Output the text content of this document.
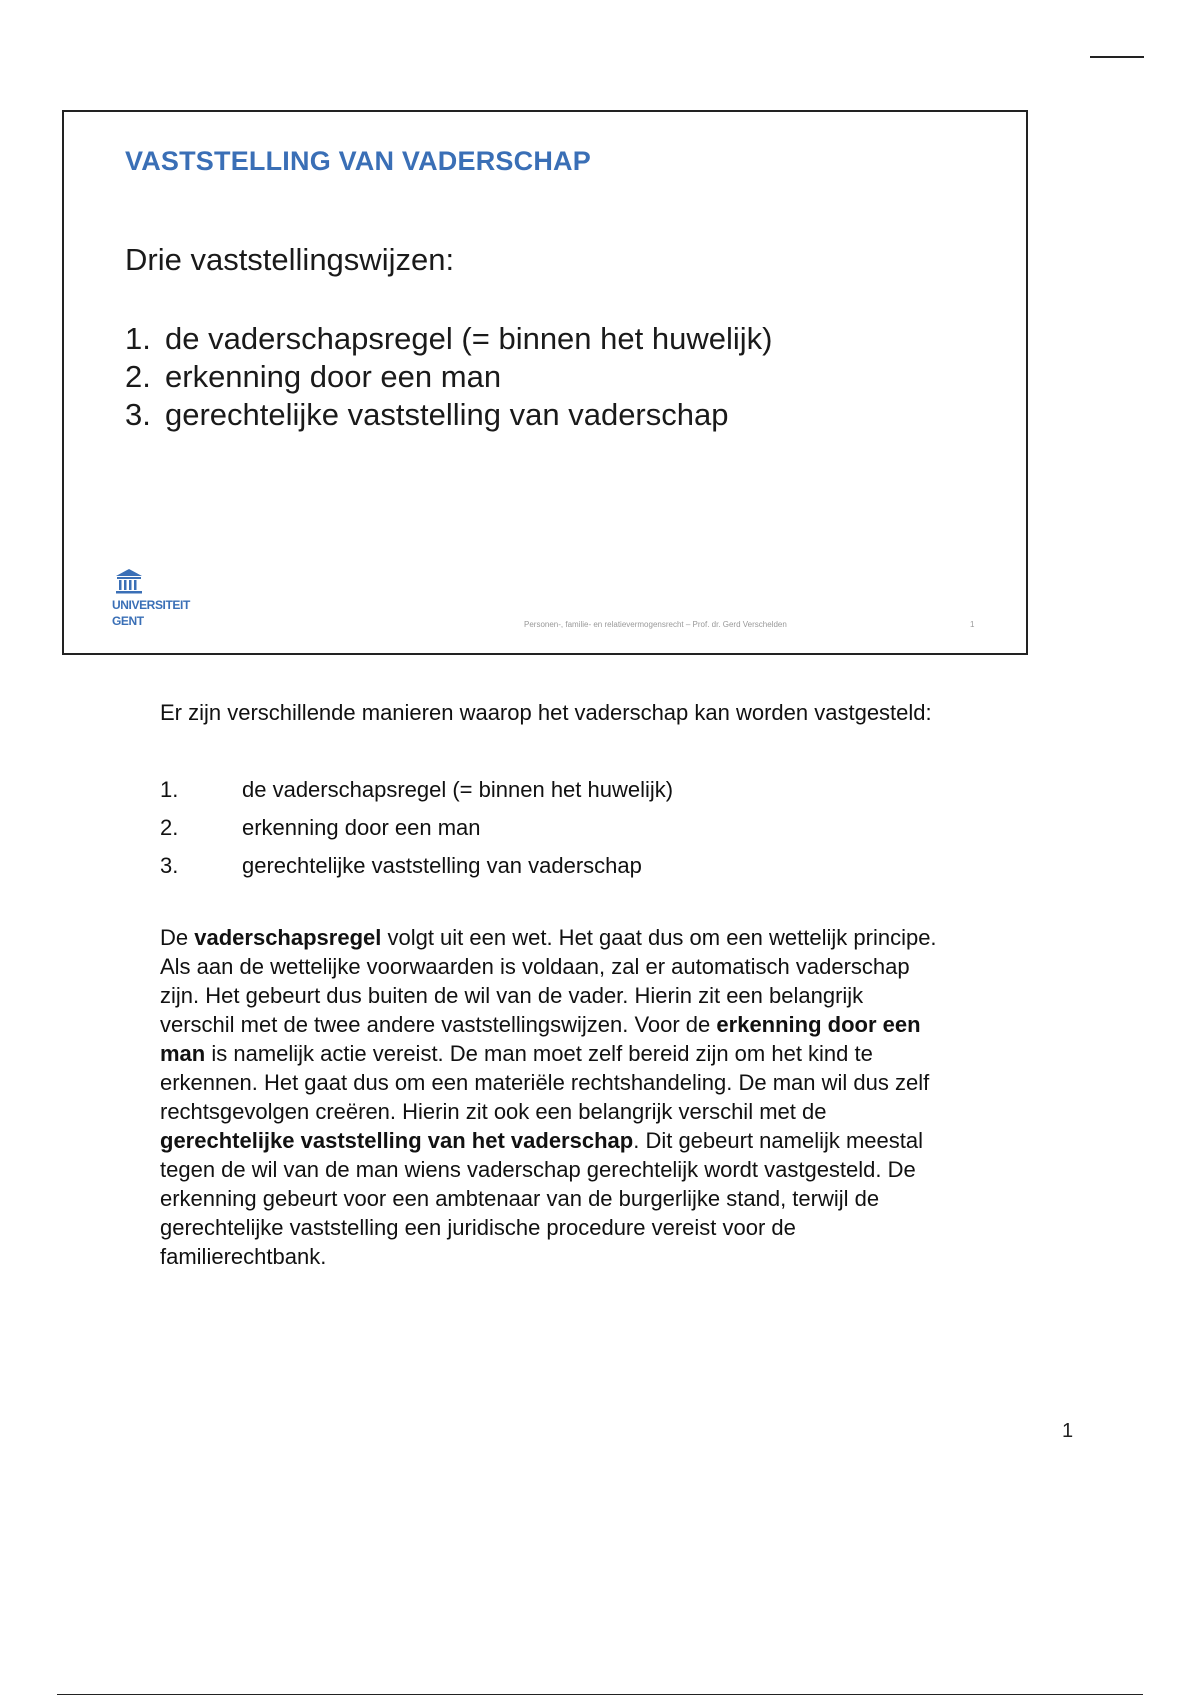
VASTSTELLING VAN VADERSCHAP
Drie vaststellingswijzen:
1. de vaderschapsregel (= binnen het huwelijk)
2. erkenning door een man
3. gerechtelijke vaststelling van vaderschap
UNIVERSITEIT
GENT	Personen-, familie- en relatievermogensrecht – Prof. dr. Gerd Verschelden	1

Er zijn verschillende manieren waarop het vaderschap kan worden vastgesteld:

1.	de vaderschapsregel (= binnen het huwelijk)
2.	erkenning door een man
3.	gerechtelijke vaststelling van vaderschap

De vaderschapsregel volgt uit een wet. Het gaat dus om een wettelijk principe. Als aan de wettelijke voorwaarden is voldaan, zal er automatisch vaderschap zijn. Het gebeurt dus buiten de wil van de vader. Hierin zit een belangrijk verschil met de twee andere vaststellingswijzen. Voor de erkenning door een man is namelijk actie vereist. De man moet zelf bereid zijn om het kind te erkennen. Het gaat dus om een materiële rechtshandeling. De man wil dus zelf rechtsgevolgen creëren. Hierin zit ook een belangrijk verschil met de gerechtelijke vaststelling van het vaderschap. Dit gebeurt namelijk meestal tegen de wil van de man wiens vaderschap gerechtelijk wordt vastgesteld. De erkenning gebeurt voor een ambtenaar van de burgerlijke stand, terwijl de gerechtelijke vaststelling een juridische procedure vereist voor de familierechtbank.

1
